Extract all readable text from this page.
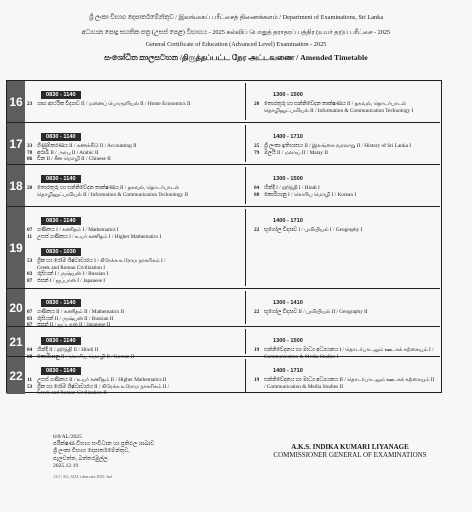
ශ්‍රී ලංකා විභාග දෙපාර්තමේන්තුව / இலங்கைப் பரீட்சைத் திணைக்களம் / Department of Examinations, Sri Lanka
අධ්‍යයන පොදු සහතික පත්‍ර (උසස් පෙළ) විභාගය - 2025 கல்விப் பொதுத் தராதரப் பத்திர (உயர் தர)ப் பரீட்சை - 2025
General Certificate of Education (Advanced Level) Examination - 2025
සංශෝධිත කාලසටහන /திருத்தப்பட்ட நேர அட்டவணை / Amended Timetable
16	0830 - 1140
23 ගෘහ ආර්ථික විද්‍යාව II / மனைப் பொருளியல் II / Home Economics II
1300 - 1500
20 තොරතුරු හා සන්නිවේදන තාක්ෂණය II / தகவல், தொடர்பாடல்
தொழினுட்பவியல் II / Information & Communication Technology I
17	0830 - 1140
33 ගිණුම්කරණය II / கணக்கீடு II / Accounting II
78 අරාබි II / அரபு II / Arabic II
86 චීන II / சீன மொழி II / Chinese II
1400 - 1710
25 ශ්‍රී ලංකා ඉතිහාසය II / இலங்கை வரலாறு II / History of Sri Lanka I
79 මලයි II / மலாய் II / Malay II
18	0830 - 1140
20 තොරතුරු හා සන්නිවේදන තාක්ෂණය II / தகவல், தொடர்பாடல்
தொழினுட்பவியல் II / Information & Communication Technology II
1300 - 1500
84 හින්දි I / ஹிந்தி I / Hindi I
88 කොරියානු I / கொரிய மொழி I / Korean I
19
0830 - 1140
07 ගණිතය I / கணிதம் I / Mathematics I
11 උසස් ගණිතය I / உயர் கணிதம் I / Higher Mathematics I
0830 - 1030
53 ග්‍රීක හා රෝම ශිෂ්ටාචාරය I / கிரேக்க உரோம நாகரிகம் I /
Greek and Roman Civilization I
83 රුසියන් I / ருஷ்யன் I / Russian I
87 ජපන් I / ஜப்பான் I / Japanese I
1400 - 1710
22 භූගෝල විද්‍යාව I / புவியியல் I / Geography I
20	0830 - 1140
07 ගණිතය II / கணிதம் II / Mathematics II
83 රුසියන් II / ருஷ்யன் II / Russian II
87 ජපන් II / ஜப்பான் II / Japanese II
1300 - 1410
22 භූගෝල විද්‍යාව II / புவியியல் II / Geography II
21	0830 - 1140
84 හින්දි II / ஹிந்தி II / Hindi II
88 කොරියානු II / கொரிய மொழி II / Korean II
1300 - 1500
19 සන්නිවේදනය හා මාධ්‍ය අධ්‍යයනය I / தொடர்பாடலும் ஊடகக் கற்கையும் I /
Communication & Media Studies I
22	0830 - 1140
11 උසස් ගණිතය II / உயர் கணிதம் II / Higher Mathematics II
53 ග්‍රීක හා රෝම ශිෂ්ටාචාරය II / கிரேக்க உரோம நாகரிகம் II /
Greek and Roman Civilization II
1400 - 1710
19 සන්නිවේදනය හා මාධ්‍ය අධ්‍යයනය II / தொடர்பாடலும் ஊடகக் கற்கையும் II
/ Communication & Media Studies II
6/8/AL/2025
පරීක්ෂණ විභාග සංවිධාන හා ප්‍රතිඵල ශාඛාව
ශ්‍රී ලංකා විභාග දෙපාර්තමේන්තුව,
පැලවත්ත, බත්තරමුල්ල.
2025.12.19
13:5 | AG_S(AL) date rate 2025. Ind
A.K.S. INDIKA KUMARI LIYANAGE
COMMISSIONER GENERAL OF EXAMINATIONS
